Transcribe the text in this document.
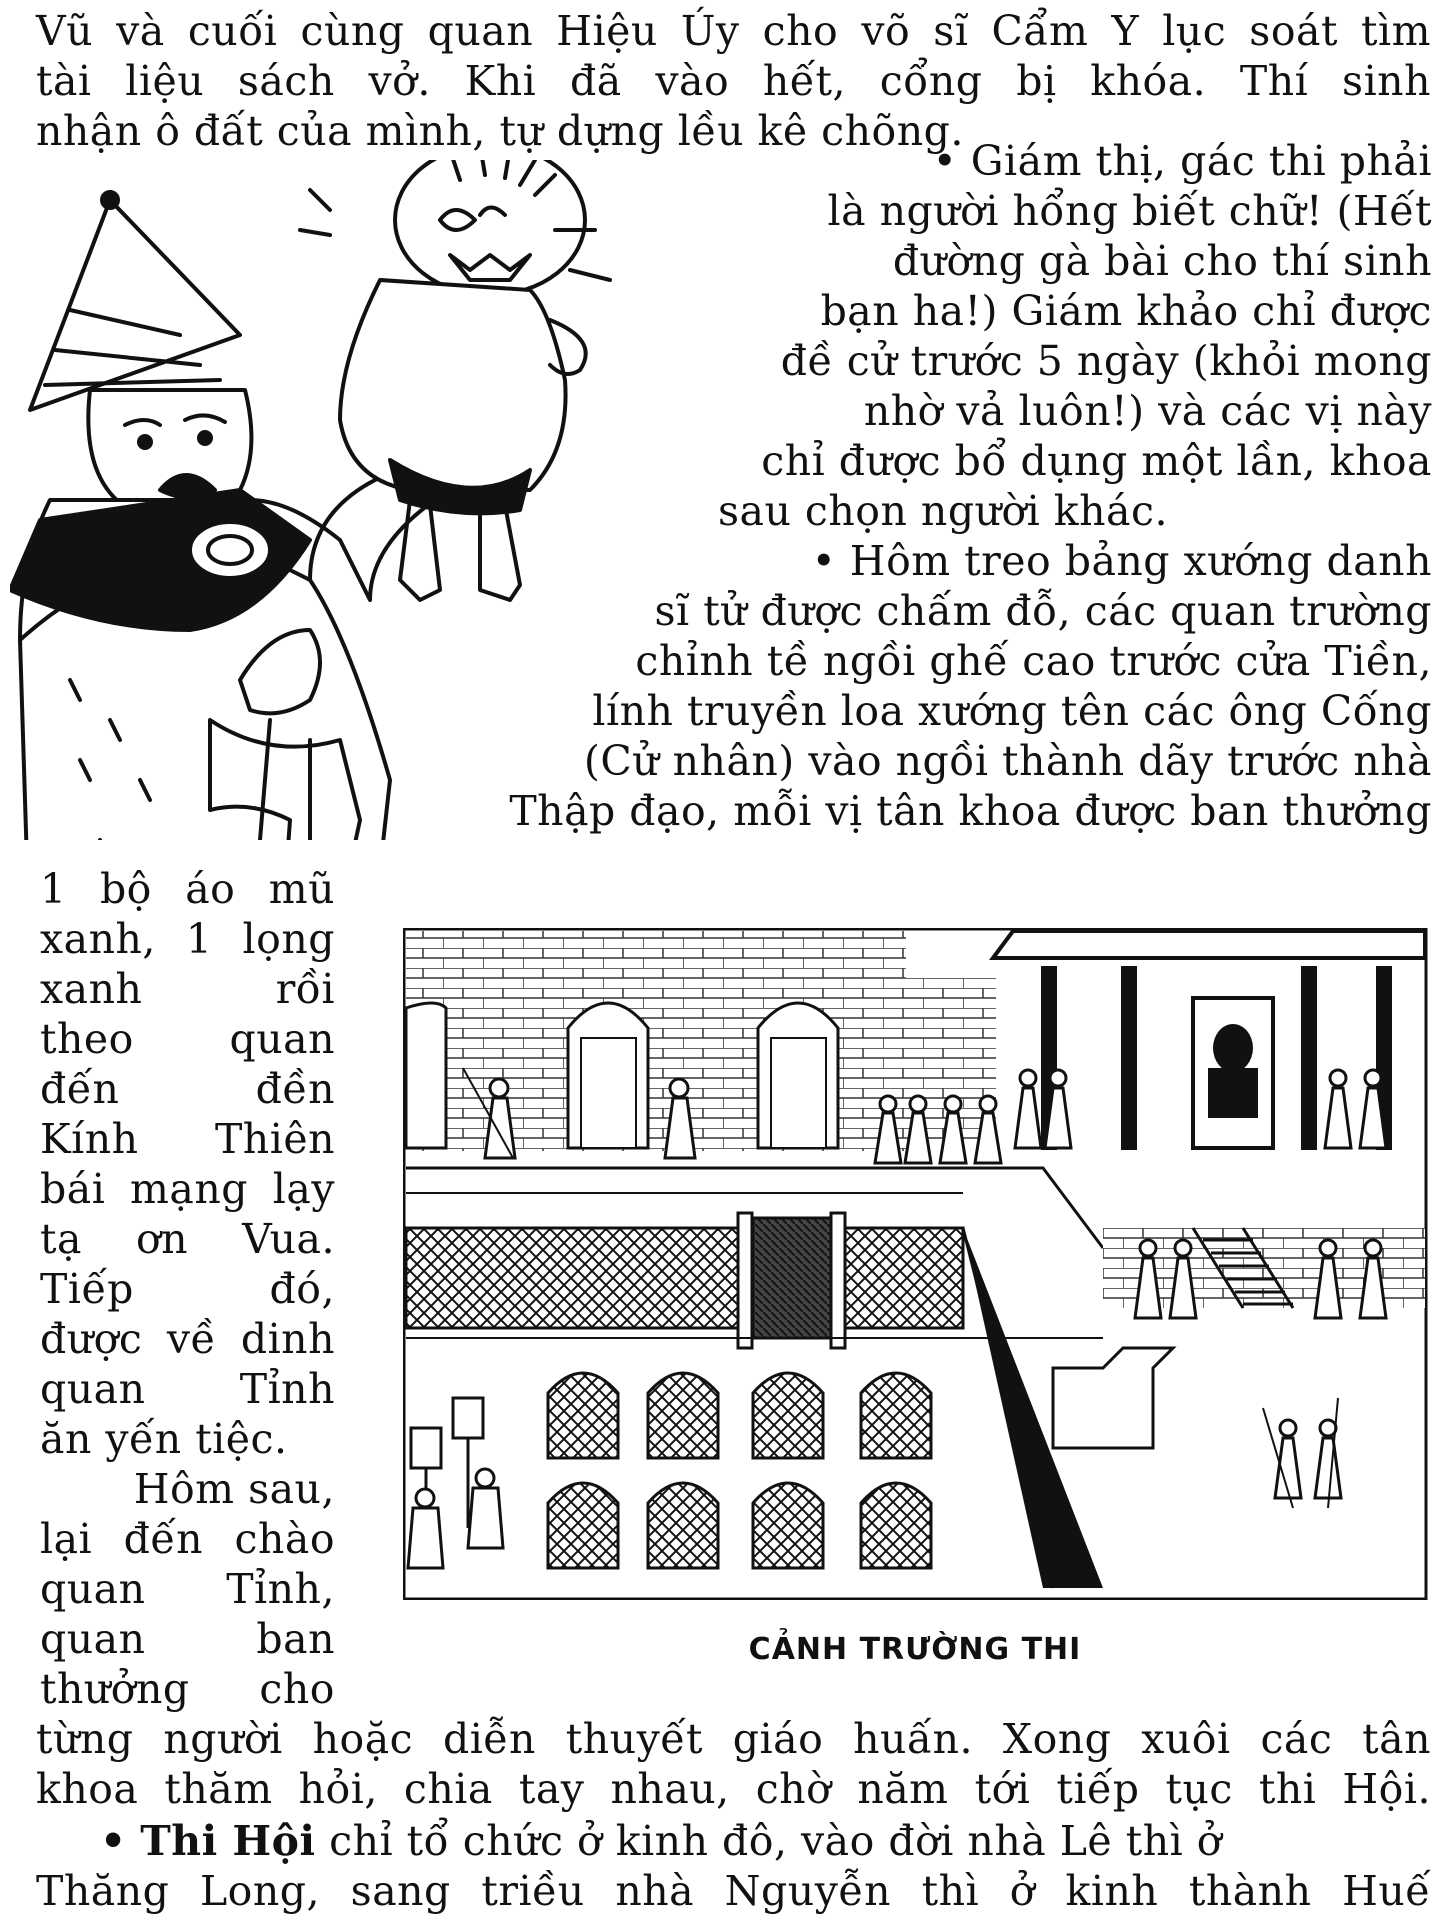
Vũ và cuối cùng quan Hiệu Úy cho võ sĩ Cẩm Y lục soát tìm
tài liệu sách vở. Khi đã vào hết, cổng bị khóa. Thí sinh
nhận ô đất của mình, tự dựng lều kê chõng.
• Giám thị, gác thi phải
là người hổng biết chữ! (Hết
đường gà bài cho thí sinh
bạn ha!) Giám khảo chỉ được
đề cử trước 5 ngày (khỏi mong
nhờ vả luôn!) và các vị này
chỉ được bổ dụng một lần, khoa
sau chọn người khác.
• Hôm treo bảng xướng danh
sĩ tử được chấm đỗ, các quan trường
chỉnh tề ngồi ghế cao trước cửa Tiền,
lính truyền loa xướng tên các ông Cống
(Cử nhân) vào ngồi thành dãy trước nhà
Thập đạo, mỗi vị tân khoa được ban thưởng
1 bộ áo mũ
xanh, 1 lọng
xanh rồi
theo quan
đến đền
Kính Thiên
bái mạng lạy
tạ ơn Vua.
Tiếp đó,
được về dinh
quan Tỉnh
ăn yến tiệc.
Hôm sau,
lại đến chào
quan Tỉnh,
quan ban
thưởng cho
CẢNH TRƯỜNG THI
từng người hoặc diễn thuyết giáo huấn. Xong xuôi các tân
khoa thăm hỏi, chia tay nhau, chờ năm tới tiếp tục thi Hội.
• Thi Hội chỉ tổ chức ở kinh đô, vào đời nhà Lê thì ở
Thăng Long, sang triều nhà Nguyễn thì ở kinh thành Huế
